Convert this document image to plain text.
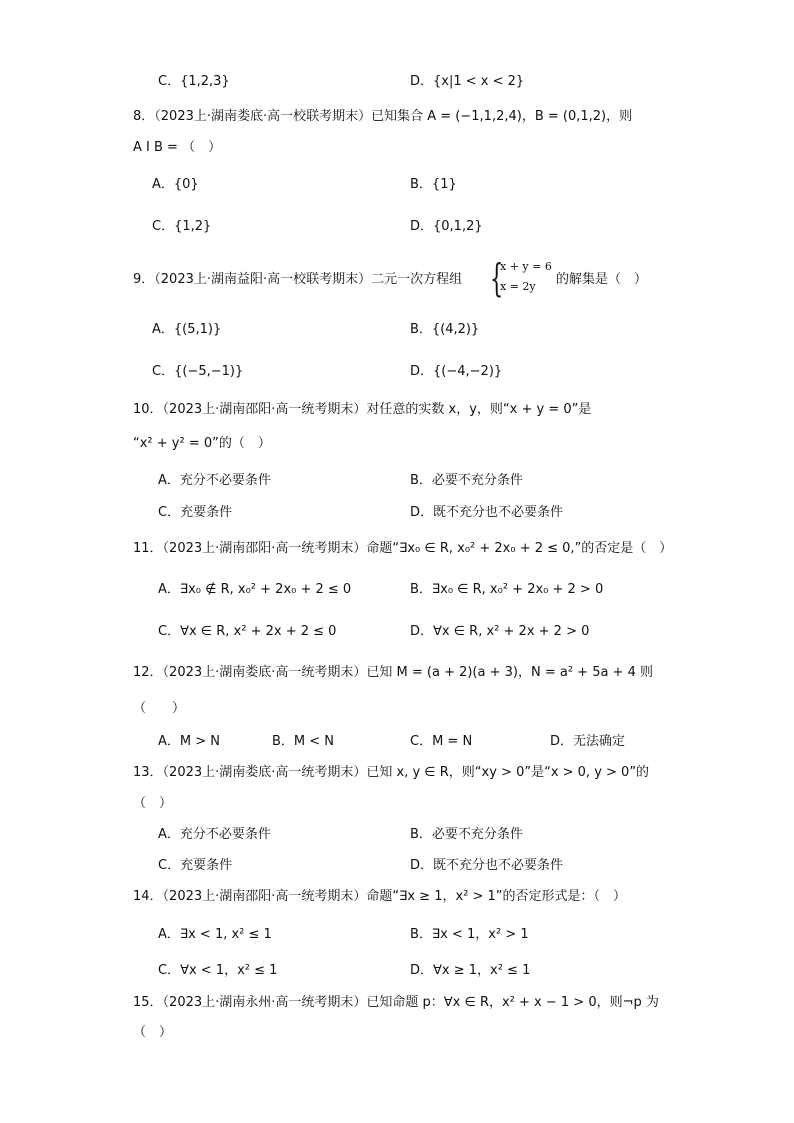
C．{1,2,3}	D．{x|1 < x < 2}
8．（2023上·湖南娄底·高一校联考期末）已知集合 A = (−1,1,2,4)，B = (0,1,2)，则
A I B = （　）
A．{0}	B．{1}
C．{1,2}	D．{0,1,2}
9．（2023上·湖南益阳·高一校联考期末）二元一次方程组 {
x + y = 6
x = 2y 的解集是（　）
A．{(5,1)}	B．{(4,2)}
C．{(−5,−1)}	D．{(−4,−2)}
10．（2023上·湖南邵阳·高一统考期末）对任意的实数 x，y，则“x + y = 0”是
“x² + y² = 0”的（　）
A．充分不必要条件	B．必要不充分条件
C．充要条件	D．既不充分也不必要条件
11．（2023上·湖南邵阳·高一统考期末）命题“∃x₀ ∈ R, x₀² + 2x₀ + 2 ≤ 0,”的否定是（　）
A．∃x₀ ∉ R, x₀² + 2x₀ + 2 ≤ 0	B．∃x₀ ∈ R, x₀² + 2x₀ + 2 > 0
C．∀x ∈ R, x² + 2x + 2 ≤ 0	D．∀x ∈ R, x² + 2x + 2 > 0
12．（2023上·湖南娄底·高一统考期末）已知 M = (a + 2)(a + 3)，N = a² + 5a + 4 则
（　　）
A．M > N	B．M < N	C．M = N	D．无法确定
13．（2023上·湖南娄底·高一统考期末）已知 x, y ∈ R，则“xy > 0”是“x > 0, y > 0”的
（　）
A．充分不必要条件	B．必要不充分条件
C．充要条件	D．既不充分也不必要条件
14．（2023上·湖南邵阳·高一统考期末）命题“∃x ≥ 1，x² > 1”的否定形式是：（　）
A．∃x < 1, x² ≤ 1	B．∃x < 1，x² > 1
C．∀x < 1，x² ≤ 1	D．∀x ≥ 1，x² ≤ 1
15．（2023上·湖南永州·高一统考期末）已知命题 p：∀x ∈ R，x² + x − 1 > 0，则¬p 为
（　）
